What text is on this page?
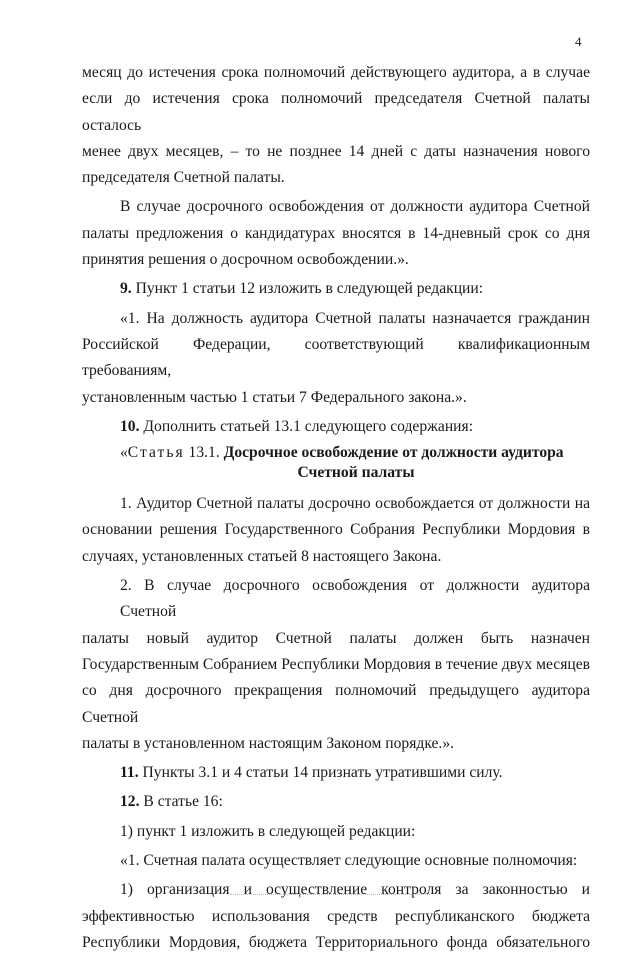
4

месяц до истечения срока полномочий действующего аудитора, а в случае
если до истечения срока полномочий председателя Счетной палаты осталось
менее двух месяцев, – то не позднее 14 дней с даты назначения нового
председателя Счетной палаты.

В случае досрочного освобождения от должности аудитора Счетной
палаты предложения о кандидатурах вносятся в 14-дневный срок со дня
принятия решения о досрочном освобождении.».

9. Пункт 1 статьи 12 изложить в следующей редакции:

«1. На должность аудитора Счетной палаты назначается гражданин
Российской Федерации, соответствующий квалификационным требованиям,
установленным частью 1 статьи 7 Федерального закона.».

10. Дополнить статьей 13.1 следующего содержания:

«Статья 13.1. Досрочное освобождение от должности аудитора
Счетной палаты

1. Аудитор Счетной палаты досрочно освобождается от должности на
основании решения Государственного Собрания Республики Мордовия в
случаях, установленных статьей 8 настоящего Закона.

2. В случае досрочного освобождения от должности аудитора Счетной
палаты новый аудитор Счетной палаты должен быть назначен
Государственным Собранием Республики Мордовия в течение двух месяцев
со дня досрочного прекращения полномочий предыдущего аудитора Счетной
палаты в установленном настоящим Законом порядке.».

11. Пункты 3.1 и 4 статьи 14 признать утратившими силу.

12. В статье 16:

1) пункт 1 изложить в следующей редакции:

«1. Счетная палата осуществляет следующие основные полномочия:

1) организация и осуществление контроля за законностью и
эффективностью использования средств республиканского бюджета
Республики Мордовия, бюджета Территориального фонда обязательного
